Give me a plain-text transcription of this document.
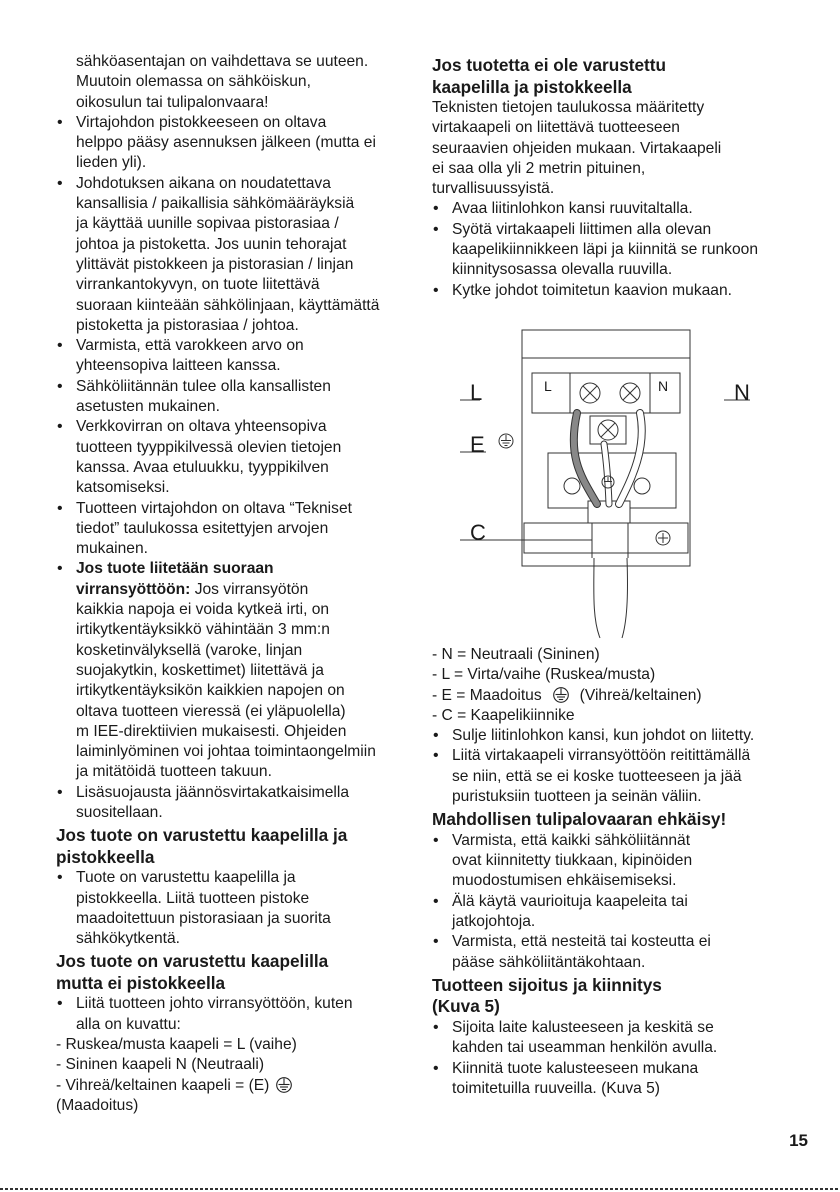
sähköasentajan on vaihdettava se uuteen.
Muutoin olemassa on sähköiskun,
oikosulun tai tulipalonvaara!
• Virtajohdon pistokkeeseen on oltava
helppo pääsy asennuksen jälkeen (mutta ei
lieden yli).
• Johdotuksen aikana on noudatettava
kansallisia / paikallisia sähkömääräyksiä
ja käyttää uunille sopivaa pistorasiaa /
johtoa ja pistoketta. Jos uunin tehorajat
ylittävät pistokkeen ja pistorasian / linjan
virrankantokyvyn, on tuote liitettävä
suoraan kiinteään sähkölinjaan, käyttämättä
pistoketta ja pistorasiaa / johtoa.
• Varmista, että varokkeen arvo on
yhteensopiva laitteen kanssa.
• Sähköliitännän tulee olla kansallisten
asetusten mukainen.
• Verkkovirran on oltava yhteensopiva
tuotteen tyyppikilvessä olevien tietojen
kanssa. Avaa etuluukku, tyyppikilven
katsomiseksi.
• Tuotteen virtajohdon on oltava “Tekniset
tiedot” taulukossa esitettyjen arvojen
mukainen.
• Jos tuote liitetään suoraan
virransyöttöön: Jos virransyötön
kaikkia napoja ei voida kytkeä irti, on
irtikytkentäyksikkö vähintään 3 mm:n
kosketinvälyksellä (varoke, linjan
suojakytkin, koskettimet) liitettävä ja
irtikytkentäyksikön kaikkien napojen on
oltava tuotteen vieressä (ei yläpuolella)
m IEE-direktiivien mukaisesti. Ohjeiden
laiminlyöminen voi johtaa toimintaongelmiin
ja mitätöidä tuotteen takuun.
• Lisäsuojausta jäännösvirtakatkaisimella
suositellaan.
Jos tuote on varustettu kaapelilla ja
pistokkeella
• Tuote on varustettu kaapelilla ja
pistokkeella. Liitä tuotteen pistoke
maadoitettuun pistorasiaan ja suorita
sähkökytkentä.
Jos tuote on varustettu kaapelilla
mutta ei pistokkeella
• Liitä tuotteen johto virransyöttöön, kuten
alla on kuvattu:
- Ruskea/musta kaapeli = L (vaihe)
- Sininen kaapeli N (Neutraali)
- Vihreä/keltainen kaapeli = (E)
(Maadoitus)
Jos tuotetta ei ole varustettu
kaapelilla ja pistokkeella
Teknisten tietojen taulukossa määritetty
virtakaapeli on liitettävä tuotteeseen
seuraavien ohjeiden mukaan. Virtakaapeli
ei saa olla yli 2 metrin pituinen,
turvallisuussyistä.
• Avaa liitinlohkon kansi ruuvitaltalla.
• Syötä virtakaapeli liittimen alla olevan
kaapelikiinnikkeen läpi ja kiinnitä se runkoon
kiinnitysosassa olevalla ruuvilla.
• Kytke johdot toimitetun kaavion mukaan.
- N = Neutraali (Sininen)
- L = Virta/vaihe (Ruskea/musta)
- E = Maadoitus (Vihreä/keltainen)
- C = Kaapelikiinnike
• Sulje liitinlohkon kansi, kun johdot on liitetty.
• Liitä virtakaapeli virransyöttöön reitittämällä
se niin, että se ei koske tuotteeseen ja jää
puristuksiin tuotteen ja seinän väliin.
Mahdollisen tulipalovaaran ehkäisy!
• Varmista, että kaikki sähköliitännät
ovat kiinnitetty tiukkaan, kipinöiden
muodostumisen ehkäisemiseksi.
• Älä käytä vaurioituja kaapeleita tai
jatkojohtoja.
• Varmista, että nesteitä tai kosteutta ei
pääse sähköliitäntäkohtaan.
Tuotteen sijoitus ja kiinnitys
(Kuva 5)
• Sijoita laite kalusteeseen ja keskitä se
kahden tai useamman henkilön avulla.
• Kiinnitä tuote kalusteeseen mukana
toimitetuilla ruuveilla. (Kuva 5)
L	N
E
C
L	N
15
